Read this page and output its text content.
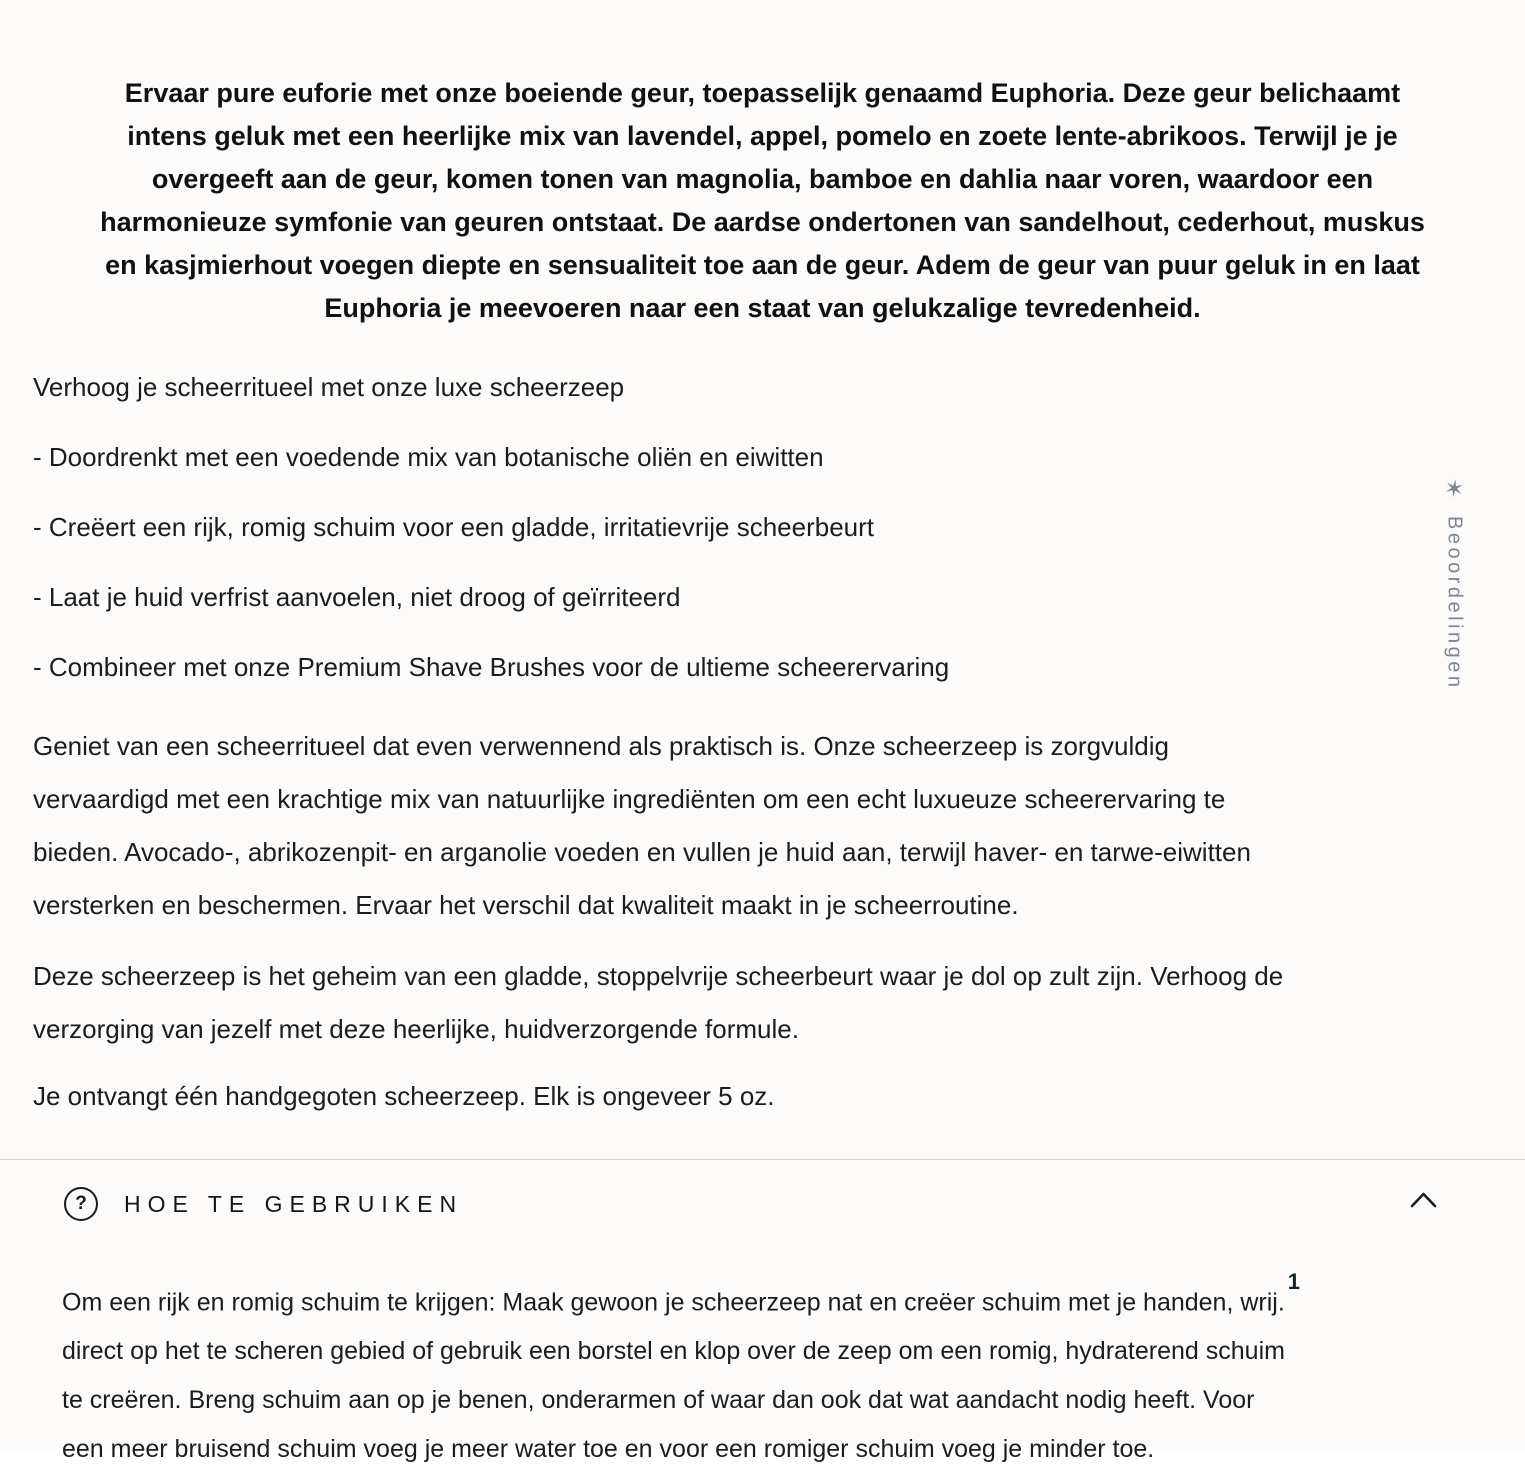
Ervaar pure euforie met onze boeiende geur, toepasselijk genaamd Euphoria. Deze geur belichaamt
intens geluk met een heerlijke mix van lavendel, appel, pomelo en zoete lente-abrikoos. Terwijl je je
overgeeft aan de geur, komen tonen van magnolia, bamboe en dahlia naar voren, waardoor een
harmonieuze symfonie van geuren ontstaat. De aardse ondertonen van sandelhout, cederhout, muskus
en kasjmierhout voegen diepte en sensualiteit toe aan de geur. Adem de geur van puur geluk in en laat
Euphoria je meevoeren naar een staat van gelukzalige tevredenheid.
Verhoog je scheerritueel met onze luxe scheerzeep
- Doordrenkt met een voedende mix van botanische oliën en eiwitten
- Creëert een rijk, romig schuim voor een gladde, irritatievrije scheerbeurt
- Laat je huid verfrist aanvoelen, niet droog of geïrriteerd
- Combineer met onze Premium Shave Brushes voor de ultieme scheerervaring
Geniet van een scheerritueel dat even verwennend als praktisch is. Onze scheerzeep is zorgvuldig
vervaardigd met een krachtige mix van natuurlijke ingrediënten om een echt luxueuze scheerervaring te
bieden. Avocado-, abrikozenpit- en arganolie voeden en vullen je huid aan, terwijl haver- en tarwe-eiwitten
versterken en beschermen. Ervaar het verschil dat kwaliteit maakt in je scheerroutine.
Deze scheerzeep is het geheim van een gladde, stoppelvrije scheerbeurt waar je dol op zult zijn. Verhoog de
verzorging van jezelf met deze heerlijke, huidverzorgende formule.
Je ontvangt één handgegoten scheerzeep. Elk is ongeveer 5 oz.
?	HOE TE GEBRUIKEN
Om een rijk en romig schuim te krijgen: Maak gewoon je scheerzeep nat en creëer schuim met je handen, wrij.$^1$
direct op het te scheren gebied of gebruik een borstel en klop over de zeep om een romig, hydraterend schuim
te creëren. Breng schuim aan op je benen, onderarmen of waar dan ook dat wat aandacht nodig heeft. Voor
een meer bruisend schuim voeg je meer water toe en voor een romiger schuim voeg je minder toe.
✶
Beoordelingen
